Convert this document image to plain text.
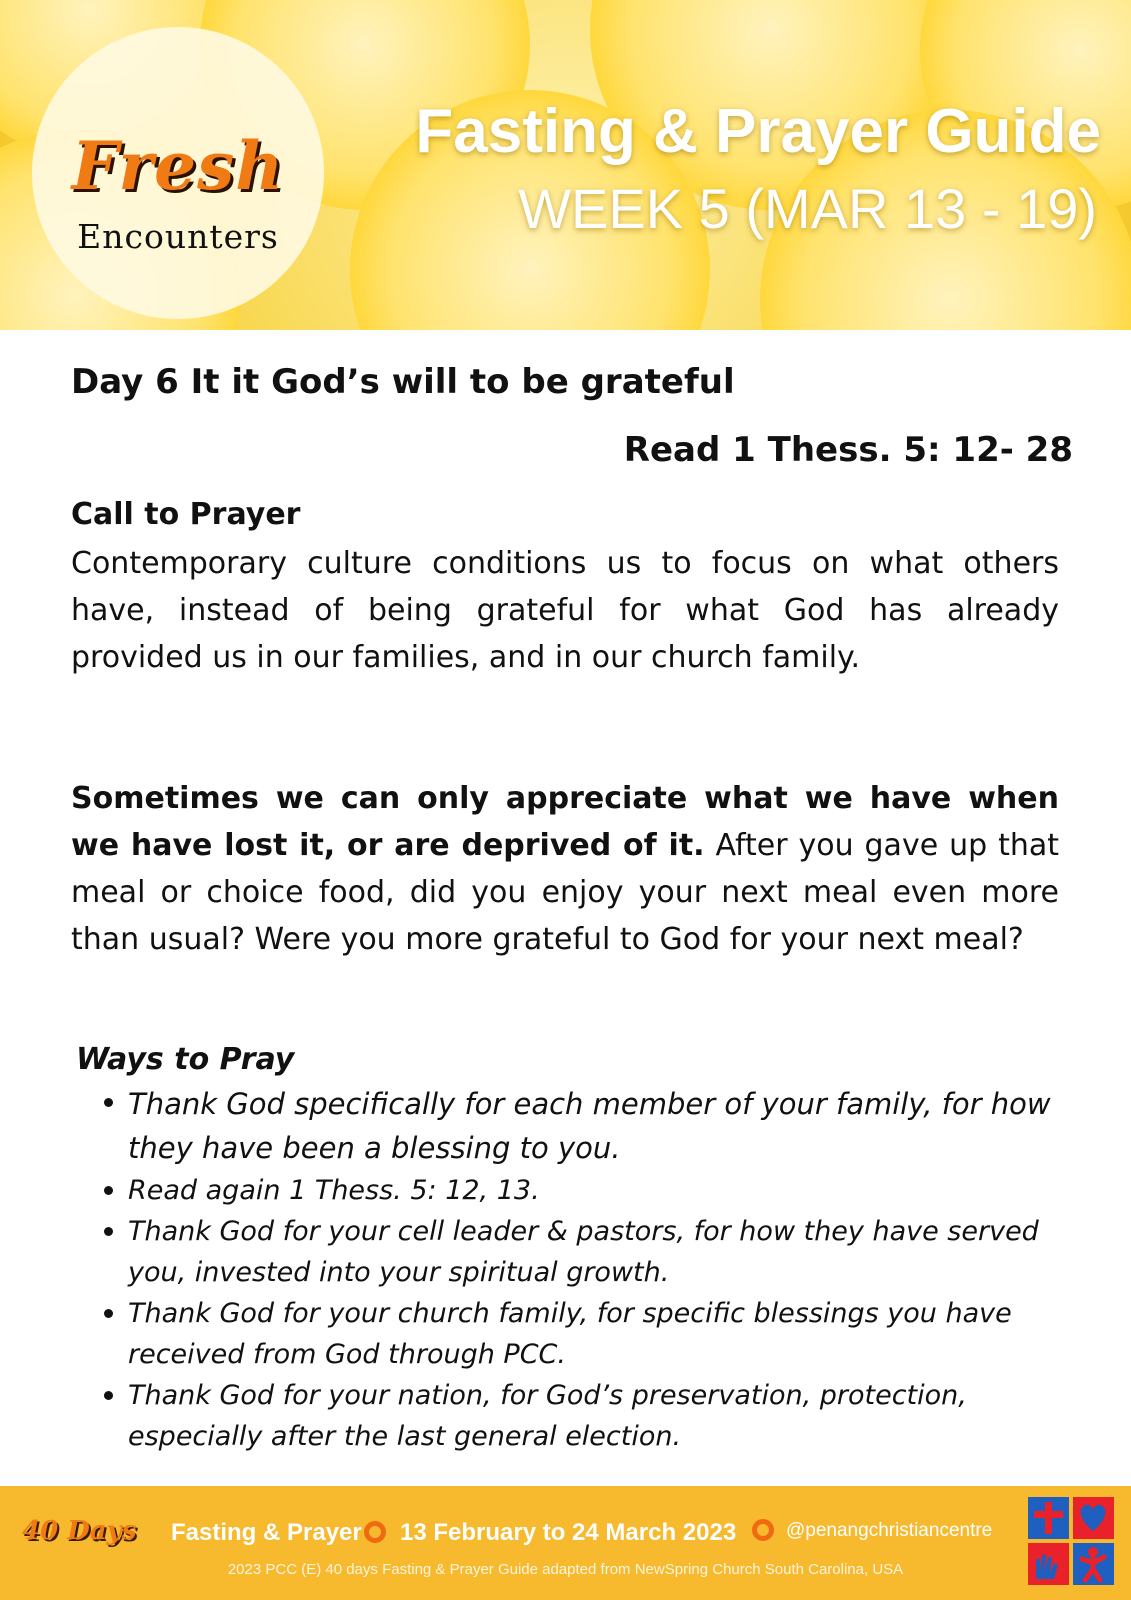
Fresh
Encounters
Fasting & Prayer Guide
WEEK 5 (MAR 13 - 19)
Day 6 It it God’s will to be grateful
Read 1 Thess. 5: 12- 28
Call to Prayer
Contemporary culture conditions us to focus on what others have, instead of being grateful for what God has already provided us in our families, and in our church family.
Sometimes we can only appreciate what we have when we have lost it, or are deprived of it. After you gave up that meal or choice food, did you enjoy your next meal even more than usual? Were you more grateful to God for your next meal?
Ways to Pray
Thank God specifically for each member of your family, for how they have been a blessing to you.
Read again 1 Thess. 5: 12, 13.
Thank God for your cell leader & pastors, for how they have served you, invested into your spiritual growth.
Thank God for your church family, for specific blessings you have received from God through PCC.
Thank God for your nation, for God’s preservation, protection, especially after the last general election.
40 Days Fasting & Prayer 13 February to 24 March 2023	@penangchristiancentre
2023 PCC (E) 40 days Fasting & Prayer Guide adapted from NewSpring Church South Carolina, USA
